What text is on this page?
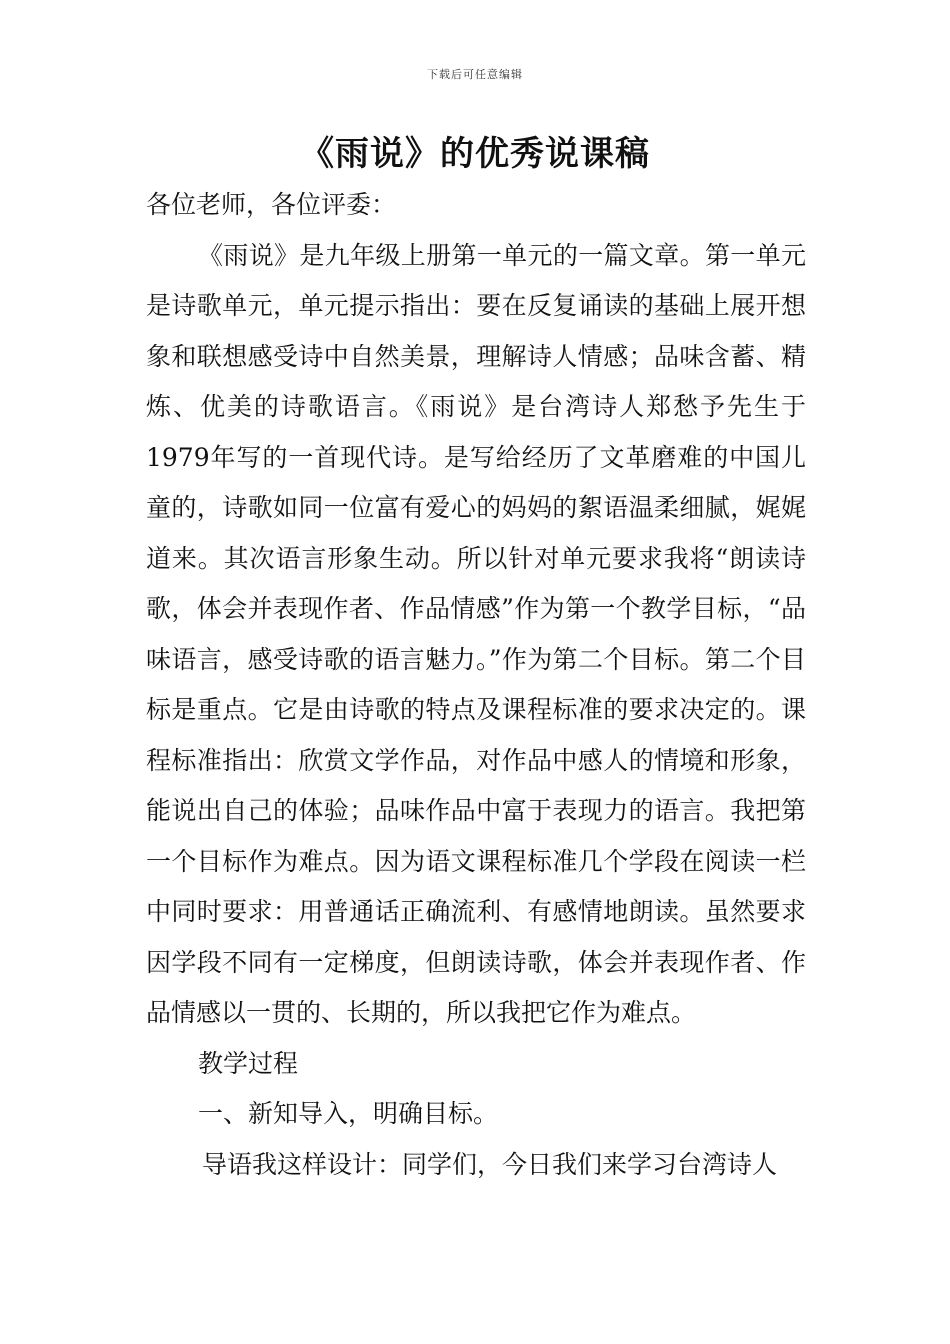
下载后可任意编辑
《雨说》的优秀说课稿

各位老师，各位评委：

《雨说》是九年级上册第一单元的一篇文章。第一单元是诗歌单元，单元提示指出：要在反复诵读的基础上展开想象和联想感受诗中自然美景，理解诗人情感；品味含蓄、精炼、优美的诗歌语言。《雨说》是台湾诗人郑愁予先生于1979年写的一首现代诗。是写给经历了文革磨难的中国儿童的，诗歌如同一位富有爱心的妈妈的絮语温柔细腻，娓娓道来。其次语言形象生动。所以针对单元要求我将“朗读诗歌，体会并表现作者、作品情感”作为第一个教学目标，“品味语言，感受诗歌的语言魅力。”作为第二个目标。第二个目标是重点。它是由诗歌的特点及课程标准的要求决定的。课程标准指出：欣赏文学作品，对作品中感人的情境和形象，能说出自己的体验；品味作品中富于表现力的语言。我把第一个目标作为难点。因为语文课程标准几个学段在阅读一栏中同时要求：用普通话正确流利、有感情地朗读。虽然要求因学段不同有一定梯度，但朗读诗歌，体会并表现作者、作品情感以一贯的、长期的，所以我把它作为难点。

教学过程

一、新知导入，明确目标。

导语我这样设计：同学们，今日我们来学习台湾诗人
